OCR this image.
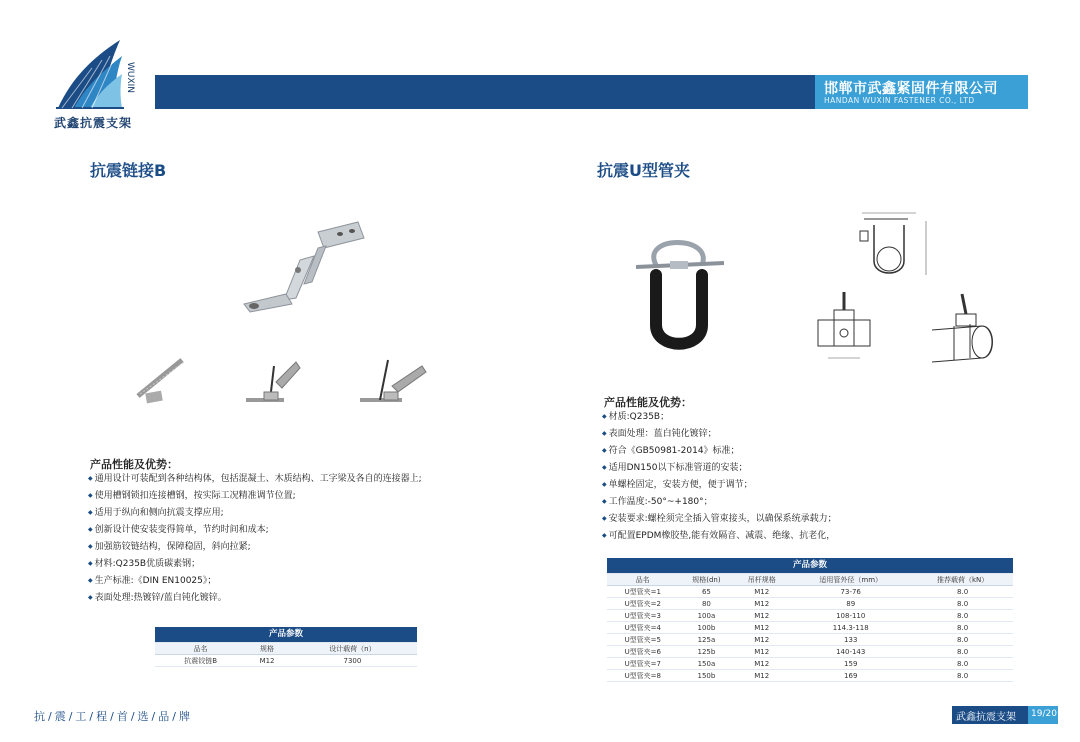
WUXIN
武鑫抗震支架
邯郸市武鑫紧固件有限公司
HANDAN WUXIN FASTENER CO., LTD
抗震链接B
产品性能及优势：
◆ 通用设计可装配到各种结构体，包括混凝土、木质结构、工字梁及各自的连接器上;
◆ 使用槽钢锁扣连接槽钢，按实际工况精准调节位置;
◆ 适用于纵向和侧向抗震支撑应用;
◆ 创新设计使安装变得简单，节约时间和成本;
◆ 加强筋铰链结构，保障稳固，斜向拉紧;
◆ 材料:Q235B优质碳素钢；
◆ 生产标准:《DIN EN10025》；
◆ 表面处理:热镀锌/蓝白钝化镀锌。
产品参数		
品名	规格	设计载荷（n）
抗震铰链B	M12	7300
抗震U型管夹
产品性能及优势：
◆ 材质:Q235B；
◆ 表面处理：蓝白钝化镀锌；
◆ 符合《GB50981-2014》标准；
◆ 适用DN150以下标准管道的安装；
◆ 单螺栓固定，安装方便，便于调节；
◆ 工作温度:-50°~+180°；
◆ 安装要求:螺栓须完全插入管束接头，以确保系统承载力；
◆ 可配置EPDM橡胶垫,能有效隔音、减震、绝缘、抗老化，
产品参数				
品名	规格(dn)	吊杆规格	适用管外径（mm）	推荐载荷（kN）
U型管夹=1	65	M12	73-76	8.0
U型管夹=2	80	M12	89	8.0
U型管夹=3	100a	M12	108-110	8.0
U型管夹=4	100b	M12	114.3-118	8.0
U型管夹=5	125a	M12	133	8.0
U型管夹=6	125b	M12	140-143	8.0
U型管夹=7	150a	M12	159	8.0
U型管夹=8	150b	M12	169	8.0
抗/震/工/程/首/选/品/牌	武鑫抗震支架 19/20
